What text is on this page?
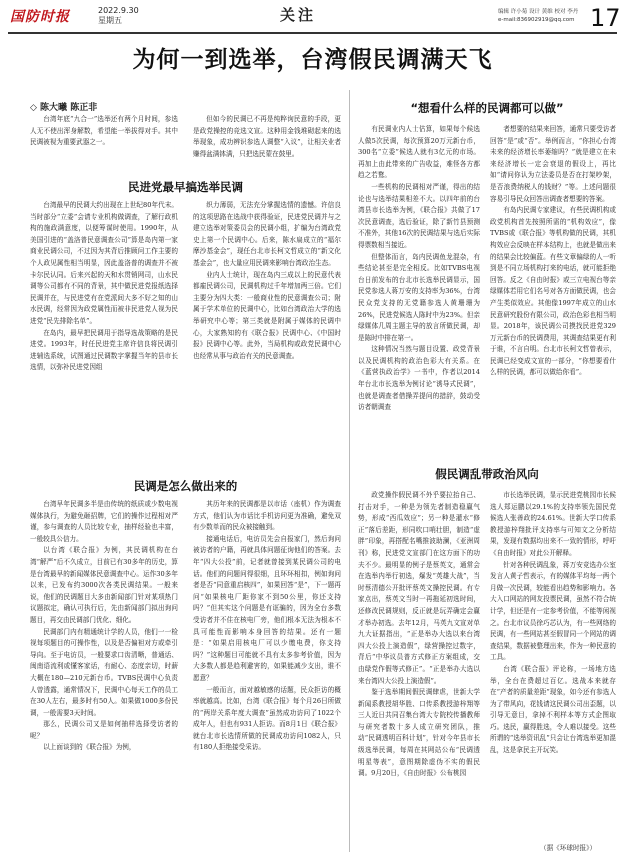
国防时报	2022.9.30
星期五	关注	编辑 许小菊 设计 黄维 校对 李丹
e-mail:836902919@qq.com 17
为何一到选举，台湾假民调满天飞
◇ 陈大曦 陈正非

台湾年底“九合一”选举还有两个月时间，参选人无不使出浑身解数，希望能一举拔得对手。其中民调被视为重要武器之一。

但如今的民调已不再是纯粹询民意的手段，更是政党操控的竞选文宣。这种用金钱堆砌起来的选举现象，成功辨识参选人调整“入议”，让相关业者赚得盆满钵满，只把选民蒙在鼓里。

民进党最早搞选举民调

台湾最早的民调大约出现在上世纪80年代末。当时部分“立委”会请专业机构做调查，了解行政机构的施政满意度，以便筹谋时使用。1990年，从美国引进的“盖洛普民意调查公司”算是岛内第一家商业民调公司，不过因为其背后推顾问工作主要的个人政见属性相当明显，因此盖洛普的调查并不被卡尔民认同。后来兴起的天和水贯销网司，山水民调等公司都有不同的背景，其中做民进党报纸选择民调并在，与民进党有在党派间大多不好之知的山水民调，经常因为政党属性而被非民进党人视为民进党“民先排除名单”。

在岛内，最早把民调用于指导选战策略的是民进党。1993年，时任民进党主席许信良将民调引进辅选系统，试图通过民调数字掌握当年的县市长选情，以弥补民进党因组

织力薄弱，无法充分掌握选情的遗憾。许信良的这项思路在选战中获得验证，民进党民调并与之建立选举对策委员会的民调小组，扩编为台湾政党史上第一个民调中心。后来，陈水扁成立的“福尔摩沙基金会”，现任台北市长柯文哲成立的“新文化基金会”，也大量应用民调来影响台湾政治生态。

业内人士统计，现在岛内三成以上的民意代表都雇民调公司，民调机构过千年增加两三倍。它们主要分为四大类：一般商业性的民意调查公司；附属于学术单位的民调中心，比如台湾政治大学的选举研究中心等；第三类就是附属于媒体的民调中心，大家熟知的有《联合报》民调中心、《中国时报》民调中心等。此外，当局机构或政党民调中心也经常从事与政治有关的民意调查。

民调是怎么做出来的

台湾早年民调多半是由传统的纸质或少数电视媒体执行，为避免砸招牌，它们的操作过程相对严谨，参与调查的人员比较专业，抽样经验也丰富，一般较具公信力。

以台湾《联合报》为例，其民调机构在台湾“解严”后不久成立，目前已有30多年的历史，算是台湾最早的新闻媒体民意调查中心。运作30多年以来，已发布约3000次各类民调结果。一般来说，他们的民调题目大多由新闻部门针对某项热门议题拟定，确认可执行后，先由新闻部门拟出询问题目，再交由民调部门优化、细化。

民调部门内有精通统计学的人员，他们一一检视每项题目的可操作性，以及是否偏袒对方或牵引导向。至于电访员，一般要求口齿清晰，普通话、闽南语流利或懂客家话，有耐心、态度亲切，时薪大概在180—210元新台币。TVBS民调中心负责人曾透露，通常情况下，民调中心每天工作的员工在30人左右，最多时有50人。如果做1000多份民调，一般需要3天时间。

那么，民调公司又是如何抽样选择受访者的呢？

以上面谈到的《联合报》为例，

其历年来的民调都是以市话（座机）作为调查方式，他们认为市话比手机访问更为准确，避免双有少数单而的民众被接触到。

接通电话后，电访员先会自报家门，然后询问被访者的户籍，再就具体问题征询他们的答案。去年“四大公投”前，记者就曾接到某民调公司的电话。他们的问题问得很细，且环环相扣，例如询问者是否“同意重启核四”，如果回答“是”，下一题再问“如果核电厂距你家不到50公里，你还支持吗？”但其实这个问题是有诓骗的，因为全台多数受访者并不住在核电厂旁，他们根本无法为根本不具可能性而影响本身回答的结果。还有一题是：“如果启用核电厂可以少缴电费，你支持吗？”这种题目可能就不具有太多参考价值，因为大多数人都是趋利避害的，如果能减少支出，谁不愿意？

一般而言，面对越敏感的话题，民众拒访的概率就越高。比如，台湾《联合报》每个月26日所做的“两岸关系年度大调查”虽然成功访问了1022个成年人，但也有931人拒访。而8月1日《联合报》就台北市长选情所做的民调成功访问1082人，只有180人拒绝接受采访。

“想看什么样的民调都可以做”

有民调业内人士估算，如果每个候选人做5次民调，每次预算20万元新台币，300名“立委”候选人就有3亿元的市场。再加上由此带来的广告收益，难怪各方都趋之若鹜。

一些机构的民调相对严谨，得出的结论也与选举结果相差不大。以四年前的台湾县市长选举为例，《联合报》共做了17次民意调查，选后验证，除了新竹县预测不准外，其他16次的民调结果与选后实际得票数相当接近。

但整体而言，岛内民调鱼龙混杂，有些结论甚至是完全相反。比如TVBS电视台日前发布的台北市长选举民调显示，国民党参选人蒋万安的支持率为36%，台湾民众党支持的无党籍参选人黄珊珊为26%，民进党候选人陈时中为23%。但亲绿媒体几周主题主导的放言所做民调，却是陈时中排在第一。

这种情况当然与题目设置、政党背景以及民调机构的政治色彩大有关系。在《蓝营执政治学》一书中，作者以2014年台北市长选举为例讨论“诱导式民调”，也就是调查者借操弄提问的措辞，鼓动受访者朝调查

者想要的结果来回答，通常只要受访者回答“是”或“否”。举例而言，“你担心台湾未来的经济增长率萎缩吗？”就是建立在未来经济增长一定会衰退的假设上，再比如“请问你认为立法委员是否在打架吵架，是否浪费纳税人的钱财？”等。上述问题很容易引导民众回答出调查者想要的答案。

有岛内民调专家建议，有些民调机构或政党机构首先按照所需的“机构效应”，像TVBS或《联合报》等机构做的民调，其机构效应会反映在样本结构上，也就是做出来的结果会比较偏蓝。有些文章偏绿的人一听到是不同立场机构打来的电话，就可能拒绝回答。反之《自由时报》或三立电视台等亲绿媒体若用它们名号对各方面做民调，也会产生类似效应。其他像1997年成立的山水民意研究股份有限公司，政治色彩也相当明显。2018年，该民调公司摸找民进党329万元新台币的民调费用，其调查结果更有利于谁，不言自明。台北市长柯文哲曾表示，民调已经变成文宣的一部分，“你想要看什么样的民调，都可以做给你看”。

假民调乱带政治风向

政党操作假民调不外乎要拉抬自己、打击对手，一种是为领先者制造稳赢气势，形成“西瓜效应”；另一种是灌水“修正”落后差距，形同吹口哨壮胆，制造“虚胖”印象，再搭配名嘴推波助澜，《亚洲周刊》称，民进党文宣部门在这方面下的功夫不少。最明显的例子是蔡英文，通常会在选举内举行初选，爆发“英雄大战”，当时蔡清德公开批评蔡英文操控民调。有专家点出，蔡英文当时一再拖延初选时间，还修改民调规则，反正就是玩弄确定会赢才举办初选。去年12月，马英九文宣对单九大证据指出，“正是举办大选以来台湾四大公投上演造假”，绿营操控过数字，背后“中华议员普方式修正方案组成，交由绿党作假等式修正”。“正是举办大选以来台湾四大公投上演造假”。

鉴于选举期间假民调肆虐，世新大学新闻系教授胡华胜、口传系教授游梓翔等三人近日共同召集台湾大专院校传播教师与研究者数十多人成立研究团队，推动“民调透明百科计划”，针对今年县市长级选举民调，每周在其网站公布“民调透明星等表”，意图期除虚伪不实的假民调。9月20日，《自由时报》公布桃园

市长选举民调，显示民进党桃园市长候选人郑运鹏以29.1%的支持率领先国民党候选人张善政的24.61%。世新大学口传系教授游梓翔批评支持率与可知文之分析结果，发现有数据均出来不一致的情形，呼吁《自由时报》对此公开解释。

针对各种民调乱象，蒋万安竞选办公室发言人黄子哲表示，有的媒体平均每一两个月做一次民调，较能看出趋势和影响力。各大入口网站的网友投票民调，虽然不符合统计学，但还是有一定参考价值，不能等闲视之。台北市议员徐巧芯认为，有一些网络的民调，有一些网站甚至假冒同一个网站的调查结果，数据被整理出来，作为一种民意的工具。

台湾《联合报》评论称，一场地方选举，全台在费超过百亿。选战本来就存在“产者的质量差距”现象，如今还有参选人为了带风向，花钱请这民调公司出歪题，以引导无意目，拿掉不利样本等方式企图取巧。选民，赢得胜选，令人难以接受。这些所谓的“选举资讯乱”只会让台湾选举更加混乱，这是拿民主开玩笑。

（据《环球时报》）
